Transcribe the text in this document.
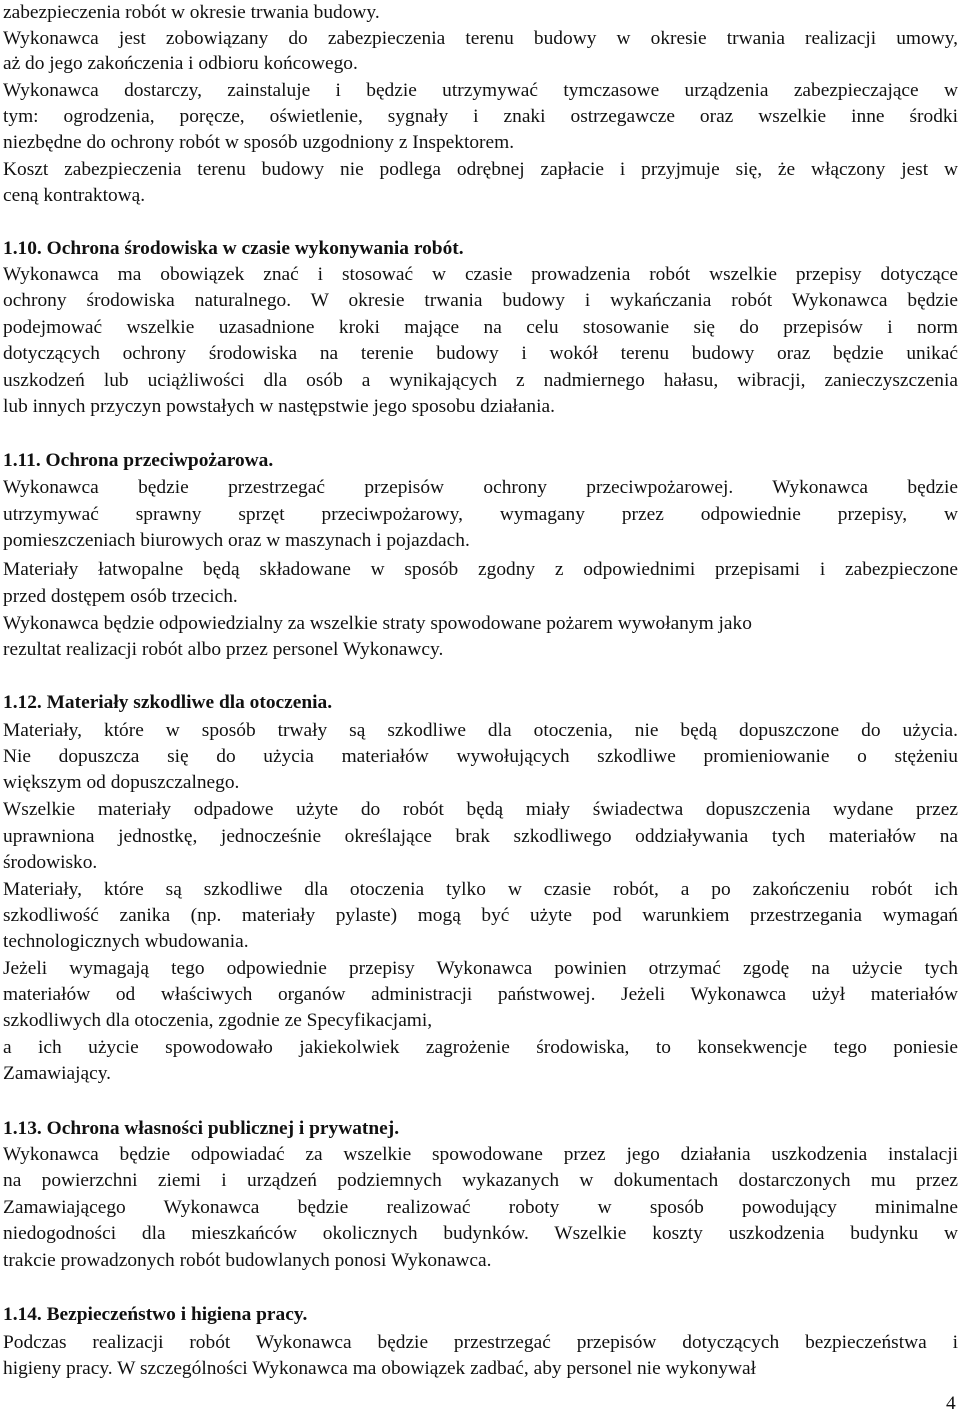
zabezpieczenia robót w okresie trwania budowy.
Wykonawca jest zobowiązany do zabezpieczenia terenu budowy w okresie trwania realizacji umowy,
aż do jego zakończenia i odbioru końcowego.
Wykonawca dostarczy, zainstaluje i będzie utrzymywać tymczasowe urządzenia zabezpieczające w
tym: ogrodzenia, poręcze, oświetlenie, sygnały i znaki ostrzegawcze oraz wszelkie inne środki
niezbędne do ochrony robót w sposób uzgodniony z Inspektorem.
Koszt zabezpieczenia terenu budowy nie podlega odrębnej zapłacie i przyjmuje się, że włączony jest w
ceną kontraktową.
1.10. Ochrona środowiska w czasie wykonywania robót.
Wykonawca ma obowiązek znać i stosować w czasie prowadzenia robót wszelkie przepisy dotyczące
ochrony środowiska naturalnego. W okresie trwania budowy i wykańczania robót Wykonawca będzie
podejmować wszelkie uzasadnione kroki mające na celu stosowanie się do przepisów i norm
dotyczących ochrony środowiska na terenie budowy i wokół terenu budowy oraz będzie unikać
uszkodzeń lub uciążliwości dla osób a wynikających z nadmiernego hałasu, wibracji, zanieczyszczenia
lub innych przyczyn powstałych w następstwie jego sposobu działania.
1.11. Ochrona przeciwpożarowa.
Wykonawca będzie przestrzegać przepisów ochrony przeciwpożarowej. Wykonawca będzie
utrzymywać sprawny sprzęt przeciwpożarowy, wymagany przez odpowiednie przepisy, w
pomieszczeniach biurowych oraz w maszynach i pojazdach.
Materiały łatwopalne będą składowane w sposób zgodny z odpowiednimi przepisami i zabezpieczone
przed dostępem osób trzecich.
Wykonawca będzie odpowiedzialny za wszelkie straty spowodowane pożarem wywołanym jako
rezultat realizacji robót albo przez personel Wykonawcy.
1.12. Materiały szkodliwe dla otoczenia.
Materiały, które w sposób trwały są szkodliwe dla otoczenia, nie będą dopuszczone do użycia.
Nie dopuszcza się do użycia materiałów wywołujących szkodliwe promieniowanie o stężeniu
większym od dopuszczalnego.
Wszelkie materiały odpadowe użyte do robót będą miały świadectwa dopuszczenia wydane przez
uprawniona jednostkę, jednocześnie określające brak szkodliwego oddziaływania tych materiałów na
środowisko.
Materiały, które są szkodliwe dla otoczenia tylko w czasie robót, a po zakończeniu robót ich
szkodliwość zanika (np. materiały pylaste) mogą być użyte pod warunkiem przestrzegania wymagań
technologicznych wbudowania.
Jeżeli wymagają tego odpowiednie przepisy Wykonawca powinien otrzymać zgodę na użycie tych
materiałów od właściwych organów administracji państwowej. Jeżeli Wykonawca użył materiałów
szkodliwych dla otoczenia, zgodnie ze Specyfikacjami,
a ich użycie spowodowało jakiekolwiek zagrożenie środowiska, to konsekwencje tego poniesie
Zamawiający.
1.13. Ochrona własności publicznej i prywatnej.
Wykonawca będzie odpowiadać za wszelkie spowodowane przez jego działania uszkodzenia instalacji
na powierzchni ziemi i urządzeń podziemnych wykazanych w dokumentach dostarczonych mu przez
Zamawiającego Wykonawca będzie realizować roboty w sposób powodujący minimalne
niedogodności dla mieszkańców okolicznych budynków. Wszelkie koszty uszkodzenia budynku w
trakcie prowadzonych robót budowlanych ponosi Wykonawca.
1.14. Bezpieczeństwo i higiena pracy.
Podczas realizacji robót Wykonawca będzie przestrzegać przepisów dotyczących bezpieczeństwa i
higieny pracy. W szczególności Wykonawca ma obowiązek zadbać, aby personel nie wykonywał
4
